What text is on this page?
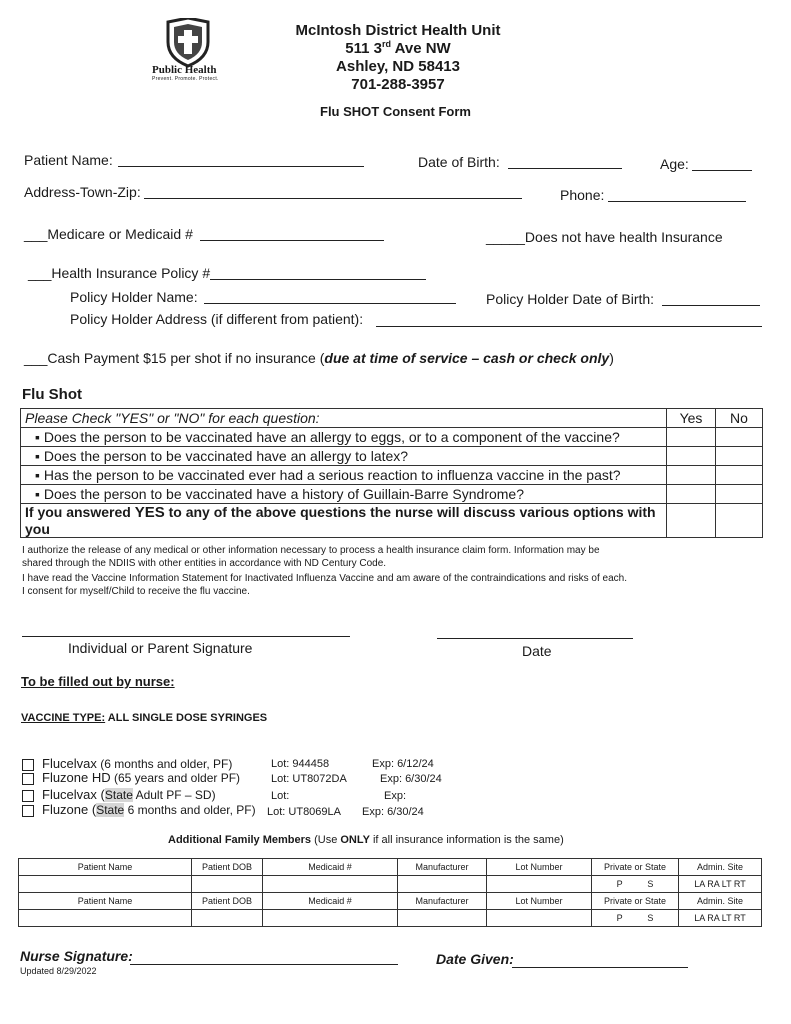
Public Health
Prevent. Promote. Protect.
McIntosh District Health Unit
511 3rd Ave NW
Ashley, ND 58413
701-288-3957
Flu SHOT Consent Form
Patient Name:	Date of Birth:	Age:
Address-Town-Zip:	Phone:
___Medicare or Medicaid #	_____Does not have health Insurance
___Health Insurance Policy #
Policy Holder Name:	Policy Holder Date of Birth:
Policy Holder Address (if different from patient):
___Cash Payment $15 per shot if no insurance (due at time of service – cash or check only)
Flu Shot
Please Check "YES" or "NO" for each question:	Yes	No
▪ Does the person to be vaccinated have an allergy to eggs, or to a component of the vaccine?		
▪ Does the person to be vaccinated have an allergy to latex?		
▪ Has the person to be vaccinated ever had a serious reaction to influenza vaccine in the past?		
▪ Does the person to be vaccinated have a history of Guillain-Barre Syndrome?		
If you answered YES to any of the above questions the nurse will discuss various options with you		
I authorize the release of any medical or other information necessary to process a health insurance claim form. Information may be
shared through the NDIIS with other entities in accordance with ND Century Code.
I have read the Vaccine Information Statement for Inactivated Influenza Vaccine and am aware of the contraindications and risks of each.
I consent for myself/Child to receive the flu vaccine.
Individual or Parent Signature	Date
To be filled out by nurse:
VACCINE TYPE: ALL SINGLE DOSE SYRINGES
Flucelvax (6 months and older, PF)	Lot: 944458	Exp: 6/12/24
Fluzone HD (65 years and older PF)	Lot: UT8072DA	Exp: 6/30/24
Flucelvax (State Adult PF – SD)	Lot:	Exp:
Fluzone (State 6 months and older, PF) Lot: UT8069LA Exp: 6/30/24
Additional Family Members (Use ONLY if all insurance information is the same)
Patient Name	Patient DOB	Medicaid #	Manufacturer	Lot Number	Private or State	Admin. Site
					P          S	LA RA LT RT
Patient Name	Patient DOB	Medicaid #	Manufacturer	Lot Number	Private or State	Admin. Site
					P          S	LA RA LT RT
Nurse Signature:	Date Given:
Updated 8/29/2022
